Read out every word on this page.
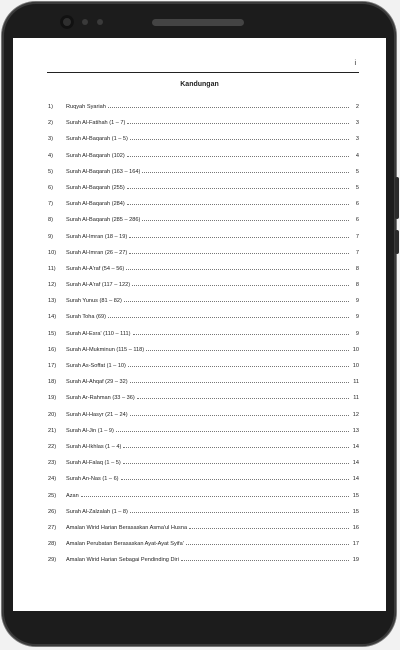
i
Kandungan
1)	Ruqyah Syariah	2
2)	Surah Al-Fatihah (1 – 7)	3
3)	Surah Al-Baqarah (1 – 5)	3
4)	Surah Al-Baqarah (102)	4
5)	Surah Al-Baqarah (163 – 164)	5
6)	Surah Al-Baqarah (255)	5
7)	Surah Al-Baqarah (284)	6
8)	Surah Al-Baqarah (285 – 286)	6
9)	Surah Al-Imran (18 – 19)	7
10)	Surah Al-Imran (26 – 27)	7
11)	Surah Al-A'raf (54 – 56)	8
12)	Surah Al-A'raf (117 – 122)	8
13)	Surah Yunus (81 – 82)	9
14)	Surah Toha (69)	9
15)	Surah Al-Esra' (110 – 111)	9
16)	Surah Al-Mukminun (115 – 118)	10
17)	Surah As-Soffat (1 – 10)	10
18)	Surah Al-Ahqaf (29 – 32)	11
19)	Surah Ar-Rahman (33 – 36)	11
20)	Surah Al-Hasyr (21 – 24)	12
21)	Surah Al-Jin (1 – 9)	13
22)	Surah Al-Ikhlas (1 – 4)	14
23)	Surah Al-Falaq (1 – 5)	14
24)	Surah An-Nas (1 – 6)	14
25)	Azan	15
26)	Surah Al-Zalzalah (1 – 8)	15
27)	Amalan Wirid Harian Berasaskan Asma'ul Husna	16
28)	Amalan Perubatan Berasaskan Ayat-Ayat Syifa'	17
29)	Amalan Wirid Harian Sebagai Pendinding Diri	19
